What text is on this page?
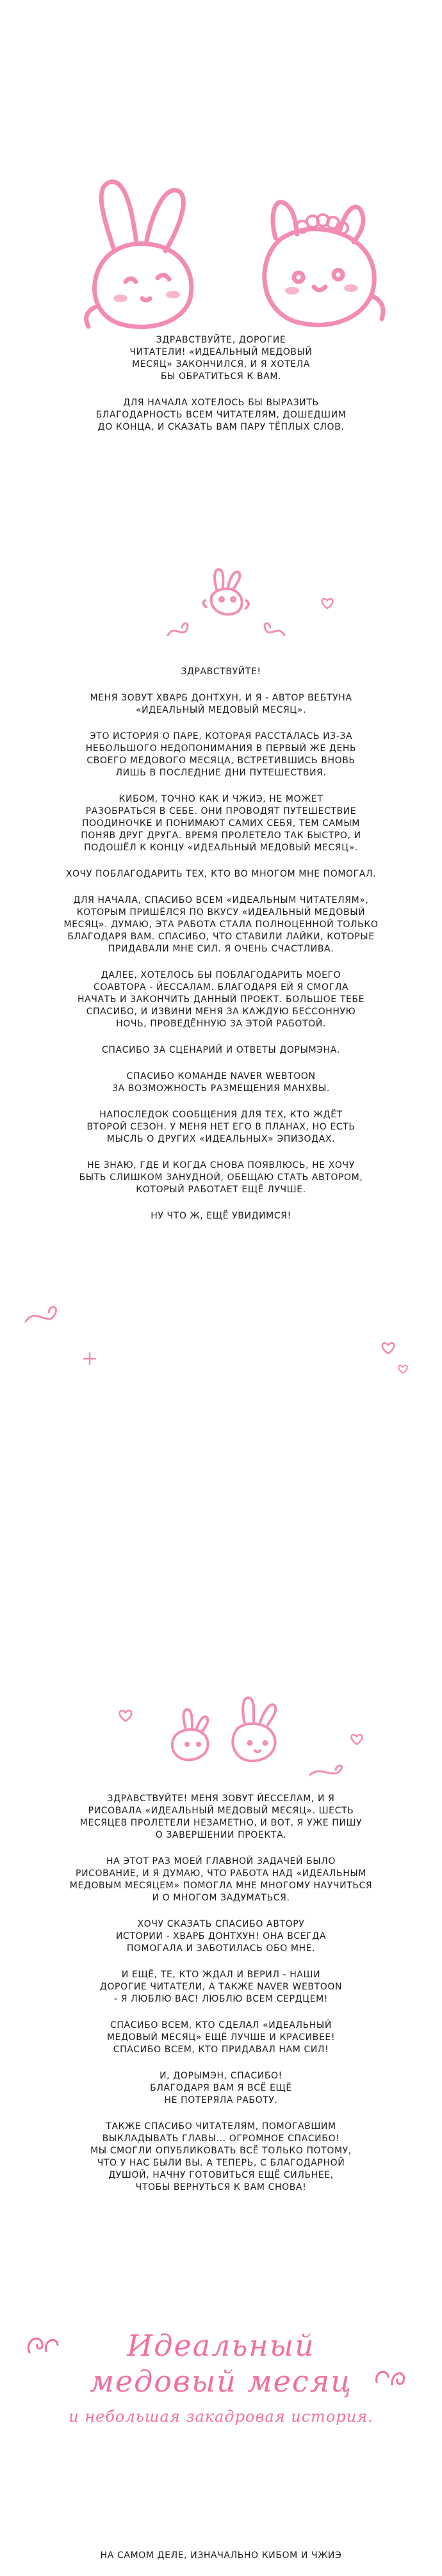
ЗДРАВСТВУЙТЕ, ДОРОГИЕ
ЧИТАТЕЛИ! «ИДЕАЛЬНЫЙ МЕДОВЫЙ
МЕСЯЦ» ЗАКОНЧИЛСЯ, И Я ХОТЕЛА
БЫ ОБРАТИТЬСЯ К ВАМ.

ДЛЯ НАЧАЛА ХОТЕЛОСЬ БЫ ВЫРАЗИТЬ
БЛАГОДАРНОСТЬ ВСЕМ ЧИТАТЕЛЯМ, ДОШЕДШИМ
ДО КОНЦА, И СКАЗАТЬ ВАМ ПАРУ ТЁПЛЫХ СЛОВ.

ЗДРАВСТВУЙТЕ!

МЕНЯ ЗОВУТ ХВАРБ ДОНТХУН, И Я - АВТОР ВЕБТУНА
«ИДЕАЛЬНЫЙ МЕДОВЫЙ МЕСЯЦ».

ЭТО ИСТОРИЯ О ПАРЕ, КОТОРАЯ РАССТАЛАСЬ ИЗ-ЗА
НЕБОЛЬШОГО НЕДОПОНИМАНИЯ В ПЕРВЫЙ ЖЕ ДЕНЬ
СВОЕГО МЕДОВОГО МЕСЯЦА, ВСТРЕТИВШИСЬ ВНОВЬ
ЛИШЬ В ПОСЛЕДНИЕ ДНИ ПУТЕШЕСТВИЯ.

КИБОМ, ТОЧНО КАК И ЧЖИЭ, НЕ МОЖЕТ
РАЗОБРАТЬСЯ В СЕБЕ. ОНИ ПРОВОДЯТ ПУТЕШЕСТВИЕ
ПООДИНОЧКЕ И ПОНИМАЮТ САМИХ СЕБЯ, ТЕМ САМЫМ
ПОНЯВ ДРУГ ДРУГА. ВРЕМЯ ПРОЛЕТЕЛО ТАК БЫСТРО, И
ПОДОШЁЛ К КОНЦУ «ИДЕАЛЬНЫЙ МЕДОВЫЙ МЕСЯЦ».

ХОЧУ ПОБЛАГОДАРИТЬ ТЕХ, КТО ВО МНОГОМ МНЕ ПОМОГАЛ.

ДЛЯ НАЧАЛА, СПАСИБО ВСЕМ «ИДЕАЛЬНЫМ ЧИТАТЕЛЯМ»,
КОТОРЫМ ПРИШЁЛСЯ ПО ВКУСУ «ИДЕАЛЬНЫЙ МЕДОВЫЙ
МЕСЯЦ». ДУМАЮ, ЭТА РАБОТА СТАЛА ПОЛНОЦЕННОЙ ТОЛЬКО
БЛАГОДАРЯ ВАМ. СПАСИБО, ЧТО СТАВИЛИ ЛАЙКИ, КОТОРЫЕ
ПРИДАВАЛИ МНЕ СИЛ. Я ОЧЕНЬ СЧАСТЛИВА.

ДАЛЕЕ, ХОТЕЛОСЬ БЫ ПОБЛАГОДАРИТЬ МОЕГО
СОАВТОРА - ЙЕССАЛАМ. БЛАГОДАРЯ ЕЙ Я СМОГЛА
НАЧАТЬ И ЗАКОНЧИТЬ ДАННЫЙ ПРОЕКТ. БОЛЬШОЕ ТЕБЕ
СПАСИБО, И ИЗВИНИ МЕНЯ ЗА КАЖДУЮ БЕССОННУЮ
НОЧЬ, ПРОВЕДЁННУЮ ЗА ЭТОЙ РАБОТОЙ.

СПАСИБО ЗА СЦЕНАРИЙ И ОТВЕТЫ ДОРЫМЭНА.

СПАСИБО КОМАНДЕ NAVER WEBTOON
ЗА ВОЗМОЖНОСТЬ РАЗМЕЩЕНИЯ МАНХВЫ.

НАПОСЛЕДОК СООБЩЕНИЯ ДЛЯ ТЕХ, КТО ЖДЁТ
ВТОРОЙ СЕЗОН. У МЕНЯ НЕТ ЕГО В ПЛАНАХ, НО ЕСТЬ
МЫСЛЬ О ДРУГИХ «ИДЕАЛЬНЫХ» ЭПИЗОДАХ.

НЕ ЗНАЮ, ГДЕ И КОГДА СНОВА ПОЯВЛЮСЬ, НЕ ХОЧУ
БЫТЬ СЛИШКОМ ЗАНУДНОЙ, ОБЕЩАЮ СТАТЬ АВТОРОМ,
КОТОРЫЙ РАБОТАЕТ ЕЩЁ ЛУЧШЕ.

НУ ЧТО Ж, ЕЩЁ УВИДИМСЯ!

ЗДРАВСТВУЙТЕ! МЕНЯ ЗОВУТ ЙЕССЕЛАМ, И Я
РИСОВАЛА «ИДЕАЛЬНЫЙ МЕДОВЫЙ МЕСЯЦ». ШЕСТЬ
МЕСЯЦЕВ ПРОЛЕТЕЛИ НЕЗАМЕТНО, И ВОТ, Я УЖЕ ПИШУ
О ЗАВЕРШЕНИИ ПРОЕКТА.

НА ЭТОТ РАЗ МОЕЙ ГЛАВНОЙ ЗАДАЧЕЙ БЫЛО
РИСОВАНИЕ, И Я ДУМАЮ, ЧТО РАБОТА НАД «ИДЕАЛЬНЫМ
МЕДОВЫМ МЕСЯЦЕМ» ПОМОГЛА МНЕ МНОГОМУ НАУЧИТЬСЯ
И О МНОГОМ ЗАДУМАТЬСЯ.

ХОЧУ СКАЗАТЬ СПАСИБО АВТОРУ
ИСТОРИИ - ХВАРБ ДОНТХУН! ОНА ВСЕГДА
ПОМОГАЛА И ЗАБОТИЛАСЬ ОБО МНЕ.

И ЕЩЁ, ТЕ, КТО ЖДАЛ И ВЕРИЛ - НАШИ
ДОРОГИЕ ЧИТАТЕЛИ, А ТАКЖЕ NAVER WEBTOON
- Я ЛЮБЛЮ ВАС! ЛЮБЛЮ ВСЕМ СЕРДЦЕМ!

СПАСИБО ВСЕМ, КТО СДЕЛАЛ «ИДЕАЛЬНЫЙ
МЕДОВЫЙ МЕСЯЦ» ЕЩЁ ЛУЧШЕ И КРАСИВЕЕ!
СПАСИБО ВСЕМ, КТО ПРИДАВАЛ НАМ СИЛ!

И, ДОРЫМЭН, СПАСИБО!
БЛАГОДАРЯ ВАМ Я ВСЁ ЕЩЁ
НЕ ПОТЕРЯЛА РАБОТУ.

ТАКЖЕ СПАСИБО ЧИТАТЕЛЯМ, ПОМОГАВШИМ
ВЫКЛАДЫВАТЬ ГЛАВЫ... ОГРОМНОЕ СПАСИБО!
МЫ СМОГЛИ ОПУБЛИКОВАТЬ ВСЁ ТОЛЬКО ПОТОМУ,
ЧТО У НАС БЫЛИ ВЫ. А ТЕПЕРЬ, С БЛАГОДАРНОЙ
ДУШОЙ, НАЧНУ ГОТОВИТЬСЯ ЕЩЁ СИЛЬНЕЕ,
ЧТОБЫ ВЕРНУТЬСЯ К ВАМ СНОВА!

Идеальный
медовый месяц
и небольшая закадровая история.

НА САМОМ ДЕЛЕ, ИЗНАЧАЛЬНО КИБОМ И ЧЖИЭ
